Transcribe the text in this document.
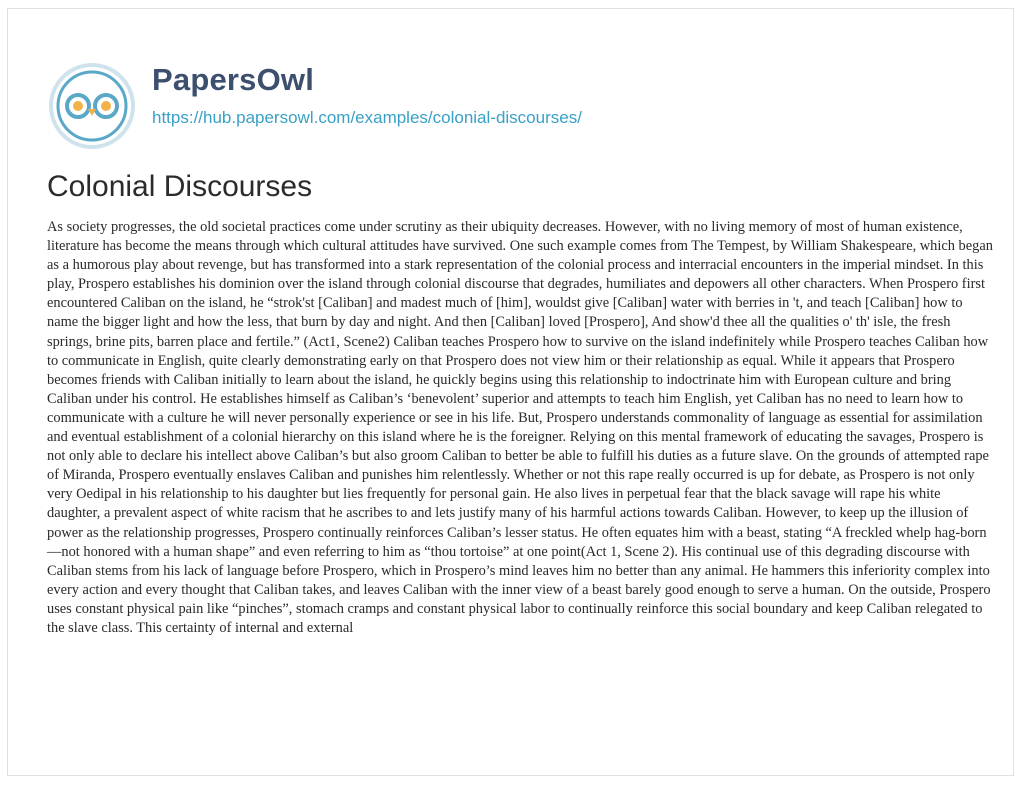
PapersOwl
https://hub.papersowl.com/examples/colonial-discourses/
Colonial Discourses

As society progresses, the old societal practices come under scrutiny as their ubiquity decreases. However, with no living memory of most of human existence, literature has become the means through which cultural attitudes have survived. One such example comes from The Tempest, by William Shakespeare, which began as a humorous play about revenge, but has transformed into a stark representation of the colonial process and interracial encounters in the imperial mindset. In this play, Prospero establishes his dominion over the island through colonial discourse that degrades, humiliates and depowers all other characters. When Prospero first encountered Caliban on the island, he “strok'st [Caliban] and madest much of [him], wouldst give [Caliban] water with berries in 't, and teach [Caliban] how to name the bigger light and how the less, that burn by day and night. And then [Caliban] loved [Prospero], And show'd thee all the qualities o' th' isle, the fresh springs, brine pits, barren place and fertile.” (Act1, Scene2) Caliban teaches Prospero how to survive on the island indefinitely while Prospero teaches Caliban how to communicate in English, quite clearly demonstrating early on that Prospero does not view him or their relationship as equal. While it appears that Prospero becomes friends with Caliban initially to learn about the island, he quickly begins using this relationship to indoctrinate him with European culture and bring Caliban under his control. He establishes himself as Caliban’s ‘benevolent’ superior and attempts to teach him English, yet Caliban has no need to learn how to communicate with a culture he will never personally experience or see in his life. But, Prospero understands commonality of language as essential for assimilation and eventual establishment of a colonial hierarchy on this island where he is the foreigner. Relying on this mental framework of educating the savages, Prospero is not only able to declare his intellect above Caliban’s but also groom Caliban to better be able to fulfill his duties as a future slave. On the grounds of attempted rape of Miranda, Prospero eventually enslaves Caliban and punishes him relentlessly. Whether or not this rape really occurred is up for debate, as Prospero is not only very Oedipal in his relationship to his daughter but lies frequently for personal gain. He also lives in perpetual fear that the black savage will rape his white daughter, a prevalent aspect of white racism that he ascribes to and lets justify many of his harmful actions towards Caliban. However, to keep up the illusion of power as the relationship progresses, Prospero continually reinforces Caliban’s lesser status. He often equates him with a beast, stating “A freckled whelp hag-born—not honored with a human shape” and even referring to him as “thou tortoise” at one point(Act 1, Scene 2). His continual use of this degrading discourse with Caliban stems from his lack of language before Prospero, which in Prospero’s mind leaves him no better than any animal. He hammers this inferiority complex into every action and every thought that Caliban takes, and leaves Caliban with the inner view of a beast barely good enough to serve a human. On the outside, Prospero uses constant physical pain like “pinches”, stomach cramps and constant physical labor to continually reinforce this social boundary and keep Caliban relegated to the slave class. This certainty of internal and external
